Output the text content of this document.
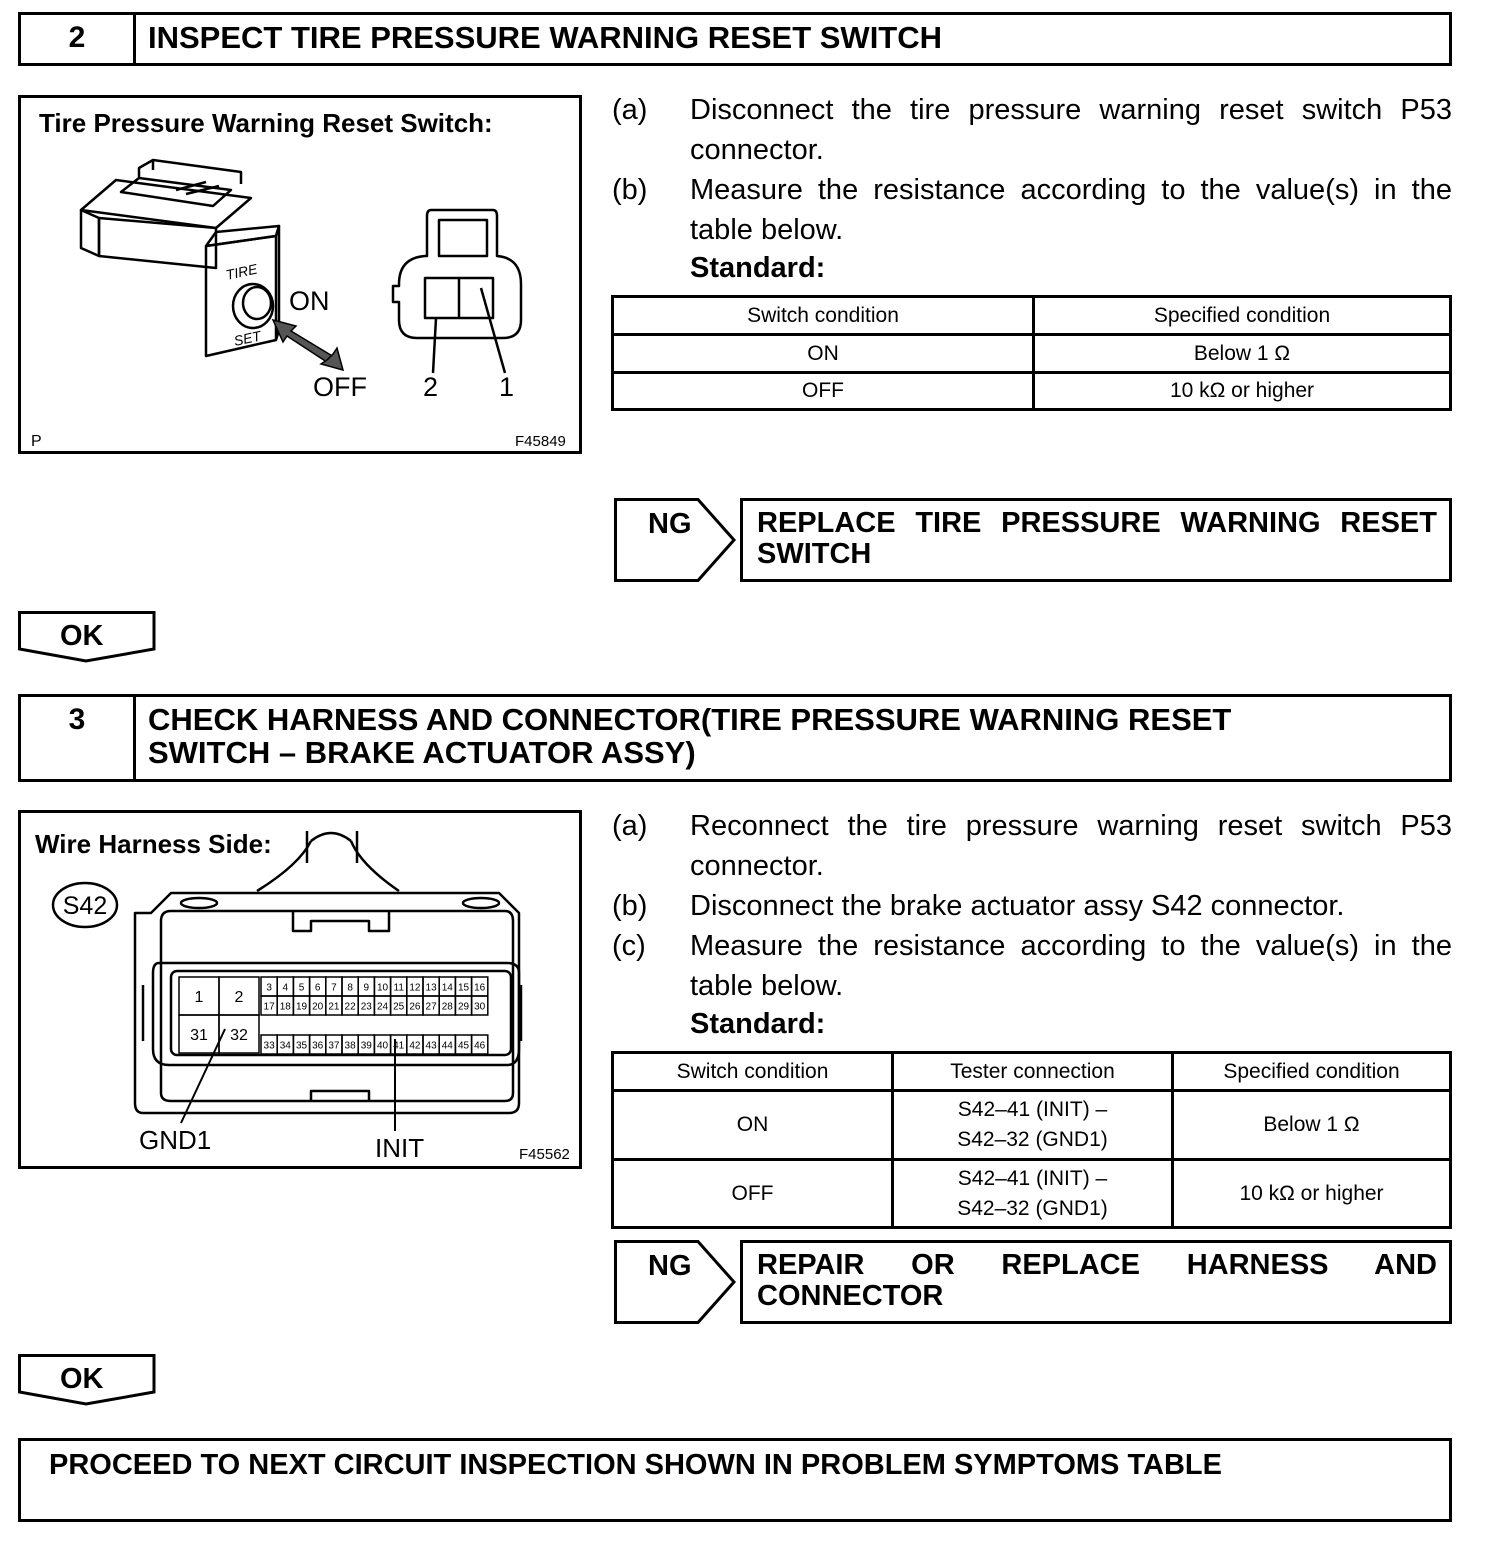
2	INSPECT TIRE PRESSURE WARNING RESET SWITCH
Tire Pressure Warning Reset Switch:
TIRE
SET
ON
OFF 2 1
P	F45849
(a) Disconnect the tire pressure warning reset switch P53 connector.
(b) Measure the resistance according to the value(s) in the table below.
Standard:
Switch condition	Specified condition
ON	Below 1 Ω
OFF	10 kΩ or higher
NG	REPLACE TIRE PRESSURE WARNING RESET SWITCH
OK
3	CHECK HARNESS AND CONNECTOR(TIRE PRESSURE WARNING RESET
SWITCH – BRAKE ACTUATOR ASSY)
Wire Harness Side:
1 2
31 32
3 4 5 6 7 8 9 10 11 12 13 14 15 16
17 18 19 20 21 22 23 24 25 26 27 28 29 30
33 34 35 36 37 38 39 40 41 42 43 44 45 46
S42
GND1	INIT	F45562
(a) Reconnect the tire pressure warning reset switch P53 connector.
(b) Disconnect the brake actuator assy S42 connector.
(c) Measure the resistance according to the value(s) in the table below.
Standard:
Switch condition	Tester connection	Specified condition
ON	S42–41 (INIT) –
S42–32 (GND1)	Below 1 Ω
OFF	S42–41 (INIT) –
S42–32 (GND1)	10 kΩ or higher
NG REPAIR OR REPLACE HARNESS AND
CONNECTOR
OK
PROCEED TO NEXT CIRCUIT INSPECTION SHOWN IN PROBLEM SYMPTOMS TABLE
